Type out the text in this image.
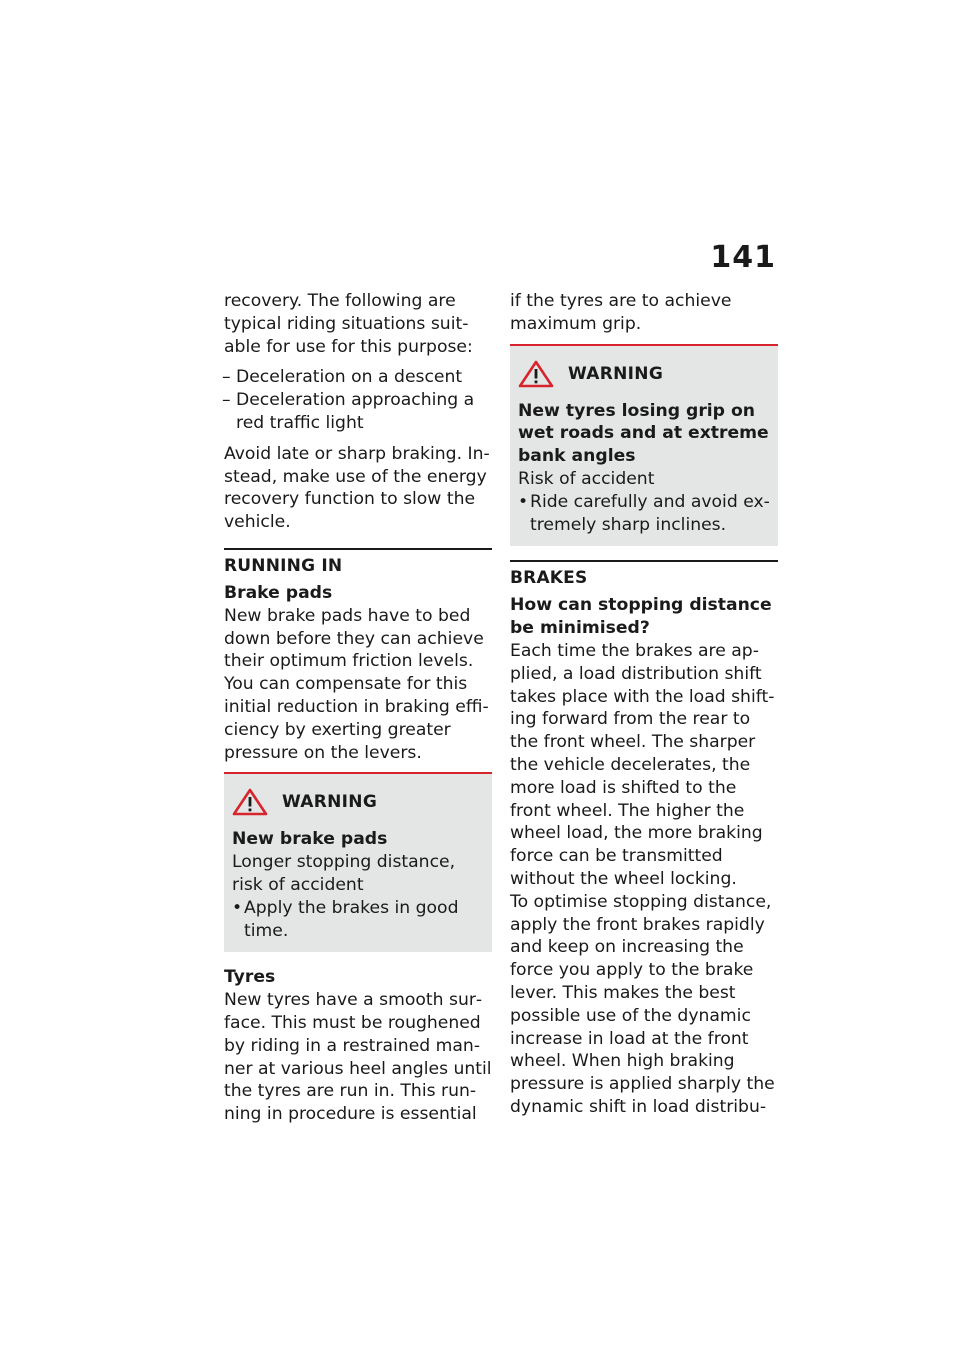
141

recovery. The following are typical riding situations suitable for use for this purpose:

– Deceleration on a descent
– Deceleration approaching a red traffic light

Avoid late or sharp braking. Instead, make use of the energy recovery function to slow the vehicle.

RUNNING IN

Brake pads

New brake pads have to bed down before they can achieve their optimum friction levels. You can compensate for this initial reduction in braking efficiency by exerting greater pressure on the levers.

WARNING

New brake pads

Longer stopping distance, risk of accident

• Apply the brakes in good time.

Tyres

New tyres have a smooth surface. This must be roughened by riding in a restrained manner at various heel angles until the tyres are run in. This running in procedure is essential

if the tyres are to achieve maximum grip.

WARNING

New tyres losing grip on wet roads and at extreme bank angles

Risk of accident

• Ride carefully and avoid extremely sharp inclines.
BRAKES

How can stopping distance be minimised?

Each time the brakes are applied, a load distribution shift takes place with the load shifting forward from the rear to the front wheel. The sharper the vehicle decelerates, the more load is shifted to the front wheel. The higher the wheel load, the more braking force can be transmitted without the wheel locking.

To optimise stopping distance, apply the front brakes rapidly and keep on increasing the force you apply to the brake lever. This makes the best possible use of the dynamic increase in load at the front wheel. When high braking pressure is applied sharply the dynamic shift in load distribu-
